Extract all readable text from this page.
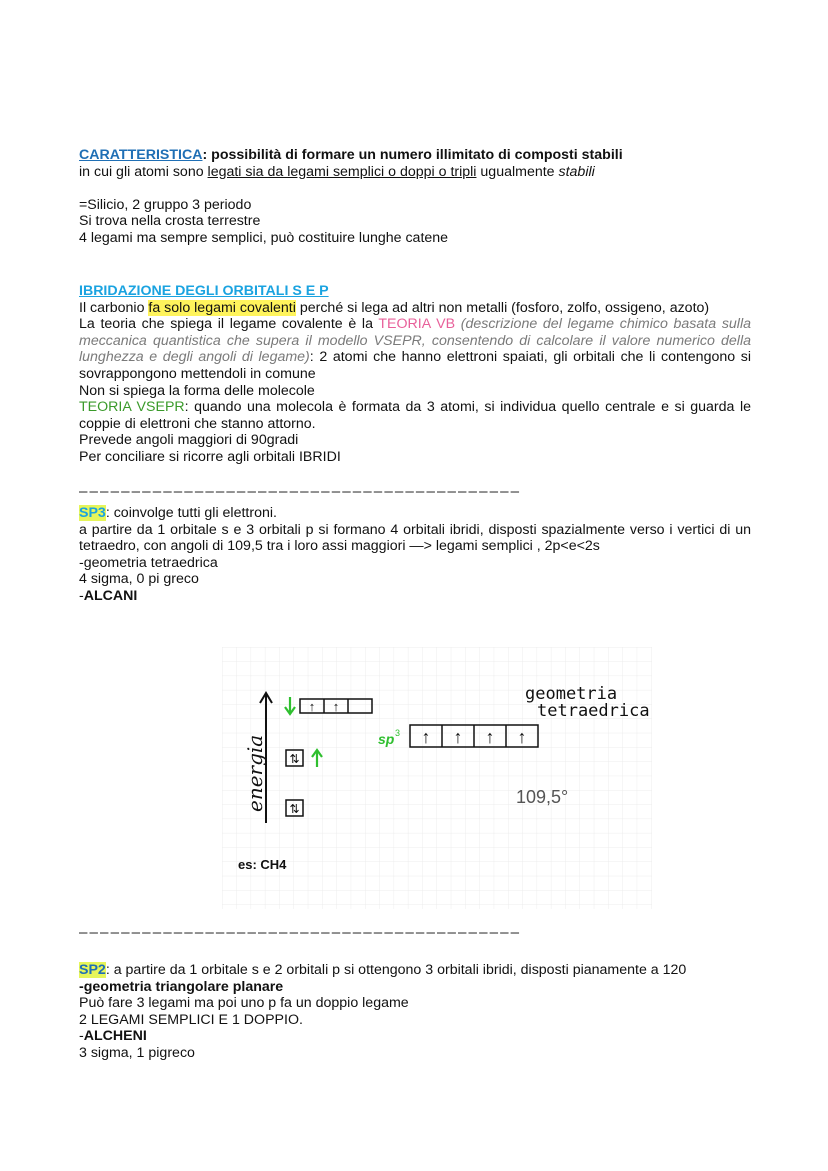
CARATTERISTICA: possibilità di formare un numero illimitato di composti stabili
in cui gli atomi sono legati sia da legami semplici o doppi o tripli ugualmente stabili
=Silicio, 2 gruppo 3 periodo
Si trova nella crosta terrestre
4 legami ma sempre semplici, può costituire lunghe catene
IBRIDAZIONE DEGLI ORBITALI S E P
Il carbonio fa solo legami covalenti perché si lega ad altri non metalli (fosforo, zolfo, ossigeno, azoto)
La teoria che spiega il legame covalente è la TEORIA VB (descrizione del legame chimico basata sulla meccanica quantistica che supera il modello VSEPR, consentendo di calcolare il valore numerico della lunghezza e degli angoli di legame): 2 atomi che hanno elettroni spaiati, gli orbitali che li contengono si sovrappongono mettendoli in comune
Non si spiega la forma delle molecole
TEORIA VSEPR: quando una molecola è formata da 3 atomi, si individua quello centrale e si guarda le coppie di elettroni che stanno attorno.
Prevede angoli maggiori di 90gradi
Per conciliare si ricorre agli orbitali IBRIDI
——————————————————————————————————————————
SP3: coinvolge tutti gli elettroni.
a partire da 1 orbitale s e 3 orbitali p si formano 4 orbitali ibridi, disposti spazialmente verso i vertici di un tetraedro, con angoli di 109,5 tra i loro assi maggiori —> legami semplici , 2p<e<2s
-geometria tetraedrica
4 sigma, 0 pi greco
-ALCANI
energia
↑ ↑
⇅
⇅
sp 3 ↑ ↑ ↑ ↑
geometria
tetraedrica
109,5°
es: CH4
——————————————————————————————————————————
SP2: a partire da 1 orbitale s e 2 orbitali p si ottengono 3 orbitali ibridi, disposti pianamente a 120
-geometria triangolare planare
Può fare 3 legami ma poi uno p fa un doppio legame
2 LEGAMI SEMPLICI E 1 DOPPIO.
-ALCHENI
3 sigma, 1 pigreco
